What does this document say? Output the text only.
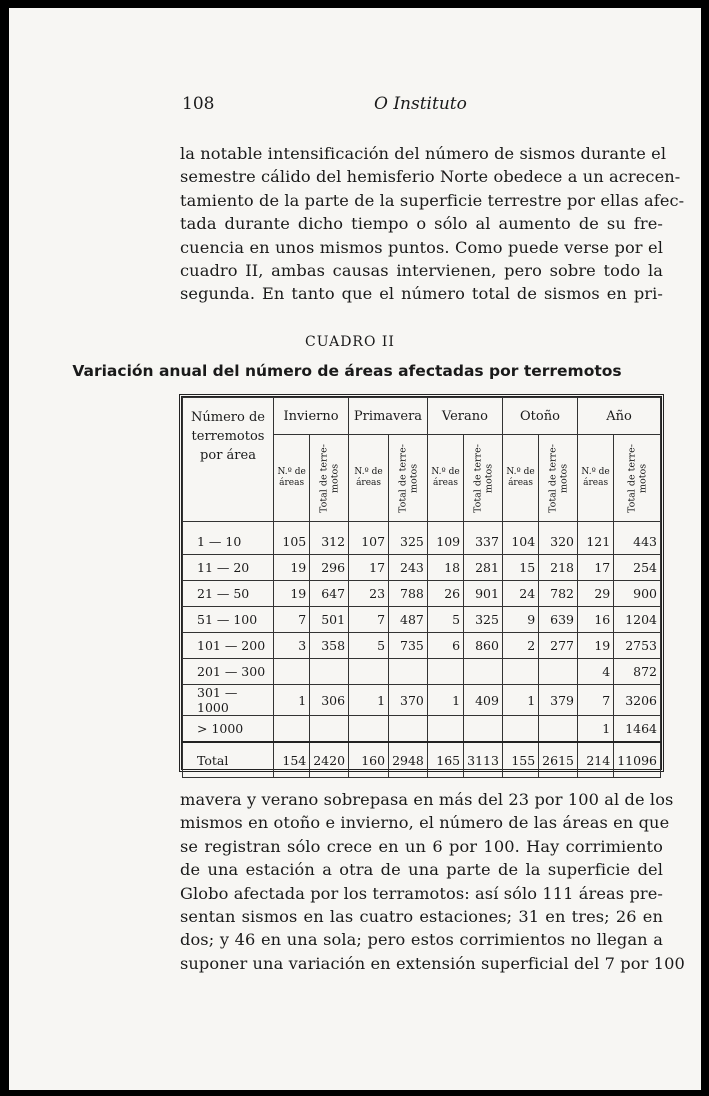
108	O Instituto
la notable intensificación del número de sismos durante el
semestre cálido del hemisferio Norte obedece a un acrecen-
tamiento de la parte de la superficie terrestre por ellas afec-
tada durante dicho tiempo o sólo al aumento de su fre-
cuencia en unos mismos puntos. Como puede verse por el
cuadro II, ambas causas intervienen, pero sobre todo la
segunda. En tanto que el número total de sismos en pri-
CUADRO II
Variación anual del número de áreas afectadas por terremotos
Número de terremotos por área	Invierno		Primavera		Verano		Otoño		Año	
	N.º de áreas	Total de terre-motos	N.º de áreas	Total de terre-motos	N.º de áreas	Total de terre-motos	N.º de áreas	Total de terre-motos	N.º de áreas	Total de terre-motos
1 — 10	105	312	107	325	109	337	104	320	121	443
11 — 20	19	296	17	243	18	281	15	218	17	254
21 — 50	19	647	23	788	26	901	24	782	29	900
51 — 100	7	501	7	487	5	325	9	639	16	1204
101 — 200	3	358	5	735	6	860	2	277	19	2753
201 — 300									4	872
301 — 1000	1	306	1	370	1	409	1	379	7	3206
> 1000									1	1464
Total	154	2420	160	2948	165	3113	155	2615	214	11096
mavera y verano sobrepasa en más del 23 por 100 al de los
mismos en otoño e invierno, el número de las áreas en que
se registran sólo crece en un 6 por 100. Hay corrimiento
de una estación a otra de una parte de la superficie del
Globo afectada por los terramotos: así sólo 111 áreas pre-
sentan sismos en las cuatro estaciones; 31 en tres; 26 en
dos; y 46 en una sola; pero estos corrimientos no llegan a
suponer una variación en extensión superficial del 7 por 100
